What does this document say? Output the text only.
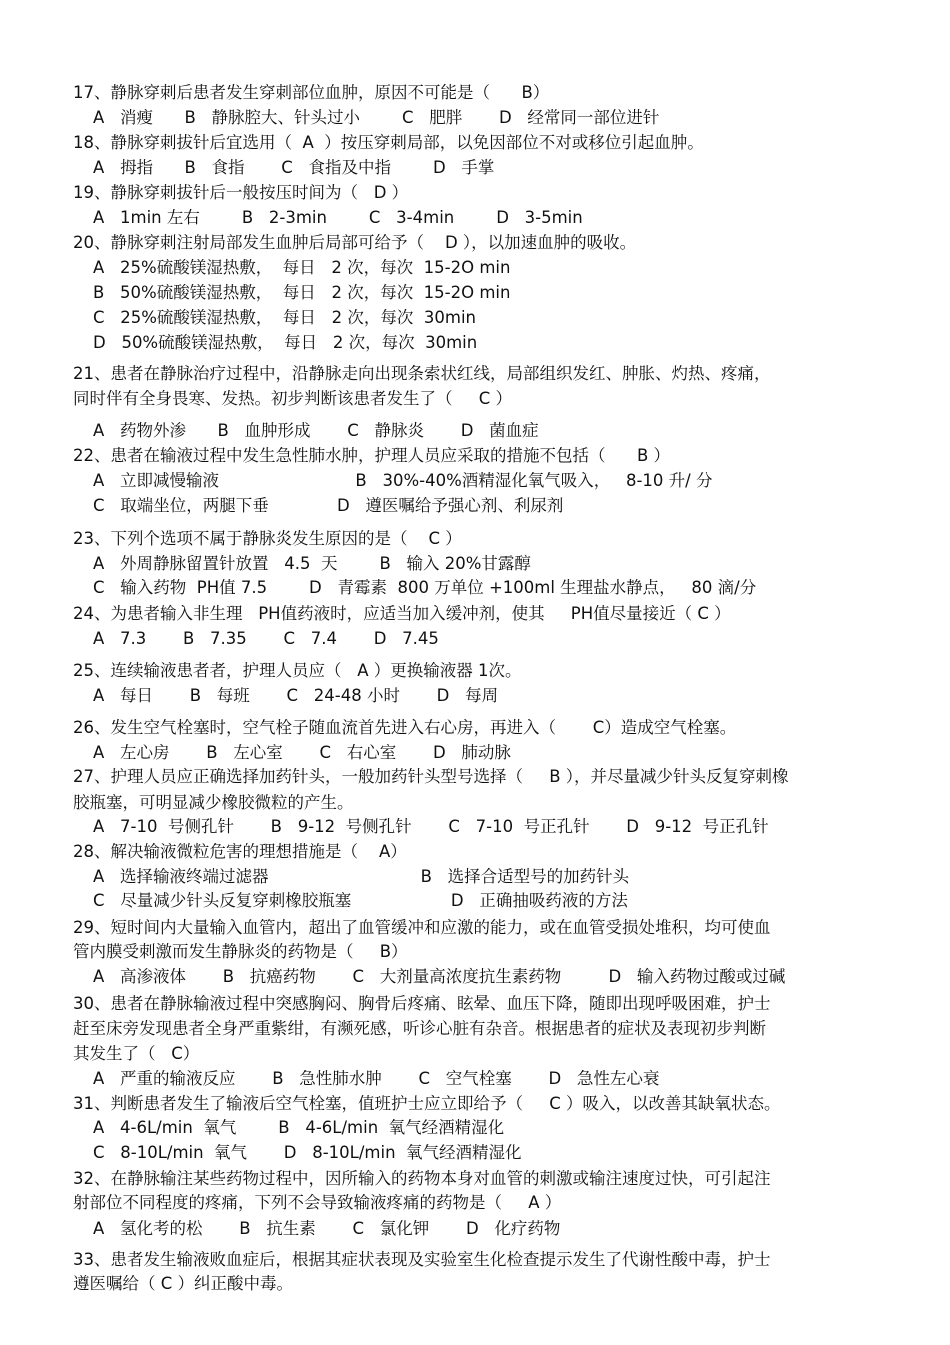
17、静脉穿刺后患者发生穿刺部位血肿，原因不可能是（      B）
A   消瘦      B   静脉腔大、针头过小        C   肥胖       D   经常同一部位进针
18、静脉穿刺拔针后宜选用（  A  ）按压穿刺局部，以免因部位不对或移位引起血肿。
A   拇指      B   食指       C   食指及中指        D   手掌
19、静脉穿刺拔针后一般按压时间为（   D ）
A   1min 左右        B   2-3min        C   3-4min        D   3-5min
20、静脉穿刺注射局部发生血肿后局部可给予（    D ），以加速血肿的吸收。
A   25%硫酸镁湿热敷，  每日   2 次，每次  15-2O min
B   50%硫酸镁湿热敷，  每日   2 次，每次  15-2O min
C   25%硫酸镁湿热敷，  每日   2 次，每次  30min
D   50%硫酸镁湿热敷，  每日   2 次，每次  30min
21、患者在静脉治疗过程中，沿静脉走向出现条索状红线，局部组织发红、肿胀、灼热、疼痛，
同时伴有全身畏寒、发热。初步判断该患者发生了（     C ）
A   药物外渗      B   血肿形成       C   静脉炎       D   菌血症
22、患者在输液过程中发生急性肺水肿，护理人员应采取的措施不包括（      B ）
A   立即减慢输液                          B   30%-40%酒精湿化氧气吸入，   8-10 升/ 分
C   取端坐位，两腿下垂             D   遵医嘱给予强心剂、利尿剂
23、下列个选项不属于静脉炎发生原因的是（    C ）
A   外周静脉留置针放置   4.5  天        B   输入 20%甘露醇
C   输入药物  PH值 7.5        D   青霉素  800 万单位 +100ml 生理盐水静点，   80 滴/分
24、为患者输入非生理   PH值药液时，应适当加入缓冲剂，使其     PH值尽量接近（ C ）
A   7.3       B   7.35       C   7.4       D   7.45
25、连续输液患者者，护理人员应（   A ）更换输液器 1次。
A   每日       B   每班       C   24-48 小时       D   每周
26、发生空气栓塞时，空气栓子随血流首先进入右心房，再进入（       C）造成空气栓塞。
A   左心房       B   左心室       C   右心室       D   肺动脉
27、护理人员应正确选择加药针头，一般加药针头型号选择（     B ），并尽量减少针头反复穿刺橡
胶瓶塞，可明显减少橡胶微粒的产生。
A   7-10  号侧孔针       B   9-12  号侧孔针       C   7-10  号正孔针       D   9-12  号正孔针
28、解决输液微粒危害的理想措施是（    A）
A   选择输液终端过滤器                             B   选择合适型号的加药针头
C   尽量减少针头反复穿刺橡胶瓶塞                   D   正确抽吸药液的方法
29、短时间内大量输入血管内，超出了血管缓冲和应激的能力，或在血管受损处堆积，均可使血
管内膜受刺激而发生静脉炎的药物是（     B）
A   高渗液体       B   抗癌药物       C   大剂量高浓度抗生素药物         D   输入药物过酸或过碱
30、患者在静脉输液过程中突感胸闷、胸骨后疼痛、眩晕、血压下降，随即出现呼吸困难，护士
赶至床旁发现患者全身严重紫绀，有濒死感，听诊心脏有杂音。根据患者的症状及表现初步判断
其发生了（   C）
A   严重的输液反应       B   急性肺水肿       C   空气栓塞       D   急性左心衰
31、判断患者发生了输液后空气栓塞，值班护士应立即给予（     C ）吸入，以改善其缺氧状态。
A   4-6L/min  氧气        B   4-6L/min  氧气经酒精湿化
C   8-10L/min  氧气       D   8-10L/min  氧气经酒精湿化
32、在静脉输注某些药物过程中，因所输入的药物本身对血管的刺激或输注速度过快，可引起注
射部位不同程度的疼痛，下列不会导致输液疼痛的药物是（     A ）
A   氢化考的松       B   抗生素       C   氯化钾       D   化疗药物
33、患者发生输液败血症后，根据其症状表现及实验室生化检查提示发生了代谢性酸中毒，护士
遵医嘱给（ C ）纠正酸中毒。
